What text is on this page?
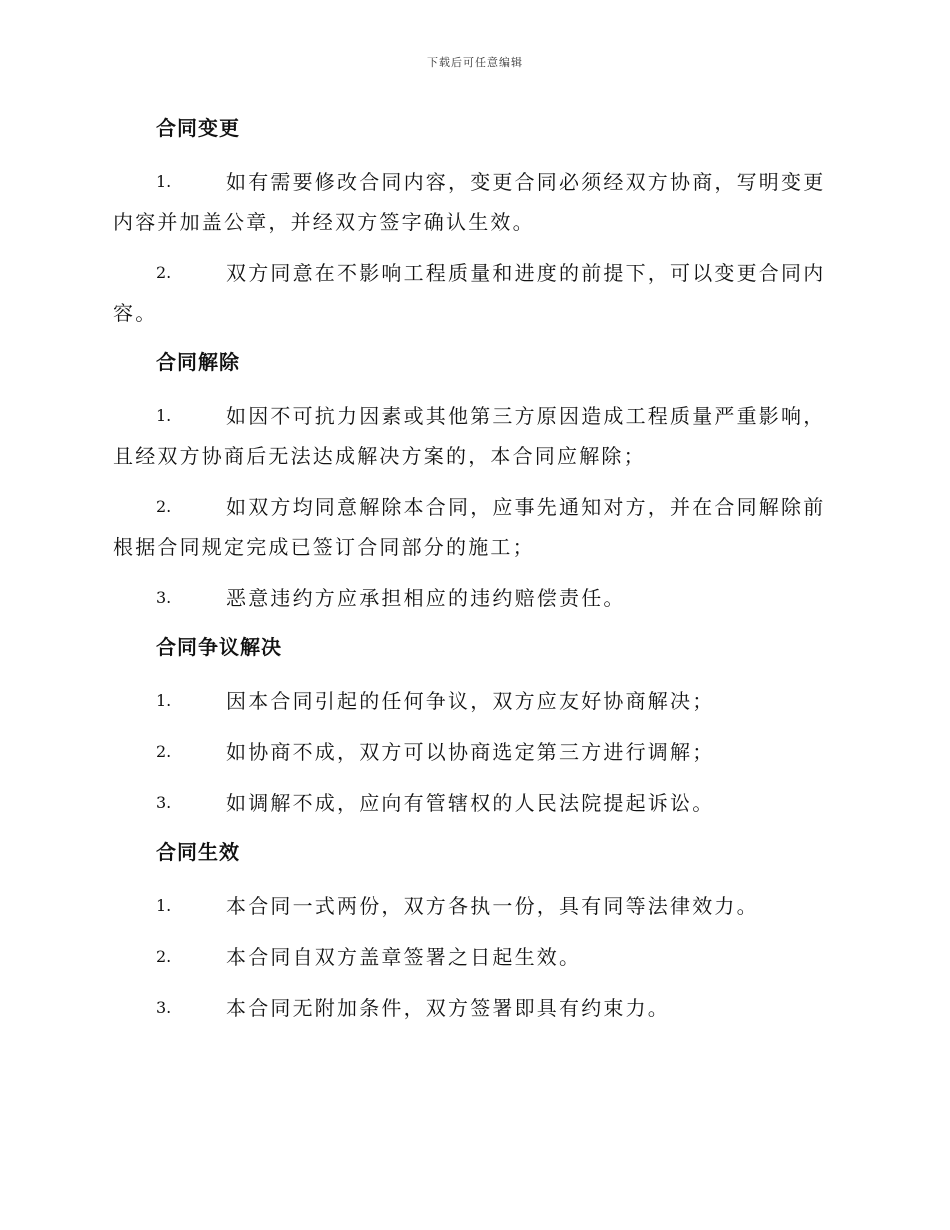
下载后可任意编辑
合同变更
1.	如有需要修改合同内容，变更合同必须经双方协商，写明变更内容并加盖公章，并经双方签字确认生效。
2.	双方同意在不影响工程质量和进度的前提下，可以变更合同内容。
合同解除
1.	如因不可抗力因素或其他第三方原因造成工程质量严重影响，且经双方协商后无法达成解决方案的，本合同应解除；
2.	如双方均同意解除本合同，应事先通知对方，并在合同解除前根据合同规定完成已签订合同部分的施工；
3.	恶意违约方应承担相应的违约赔偿责任。
合同争议解决
1.	因本合同引起的任何争议，双方应友好协商解决；
2.	如协商不成，双方可以协商选定第三方进行调解；
3.	如调解不成，应向有管辖权的人民法院提起诉讼。
合同生效
1.	本合同一式两份，双方各执一份，具有同等法律效力。
2.	本合同自双方盖章签署之日起生效。
3.	本合同无附加条件，双方签署即具有约束力。
